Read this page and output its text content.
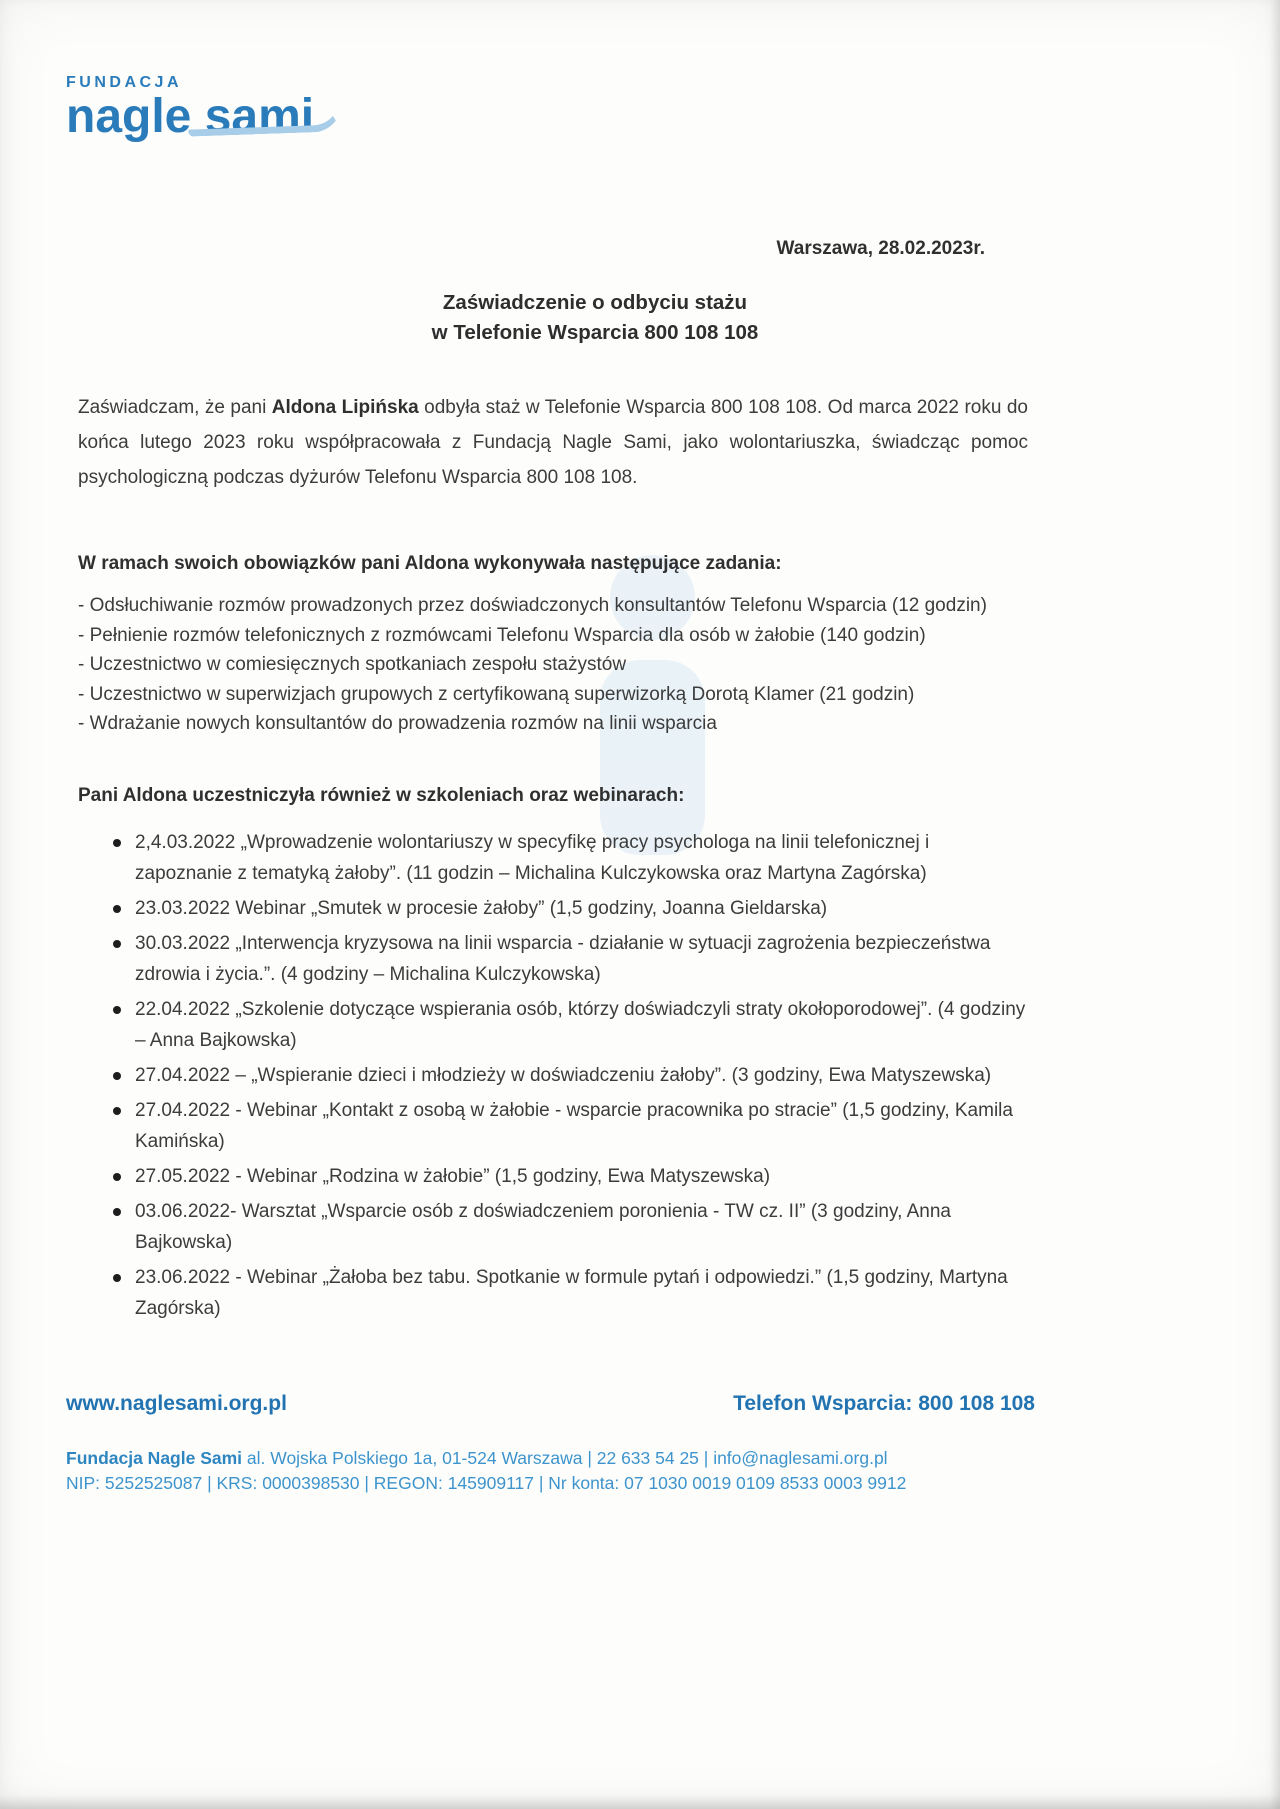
FUNDACJA
nagle sami
Warszawa, 28.02.2023r.
Zaświadczenie o odbyciu stażu
w Telefonie Wsparcia 800 108 108

Zaświadczam, że pani Aldona Lipińska odbyła staż w Telefonie Wsparcia 800 108 108. Od marca 2022 roku do końca lutego 2023 roku współpracowała z Fundacją Nagle Sami, jako wolontariuszka, świadcząc pomoc psychologiczną podczas dyżurów Telefonu Wsparcia 800 108 108.

W ramach swoich obowiązków pani Aldona wykonywała następujące zadania:

- Odsłuchiwanie rozmów prowadzonych przez doświadczonych konsultantów Telefonu Wsparcia (12 godzin)
- Pełnienie rozmów telefonicznych z rozmówcami Telefonu Wsparcia dla osób w żałobie (140 godzin)
- Uczestnictwo w comiesięcznych spotkaniach zespołu stażystów
- Uczestnictwo w superwizjach grupowych z certyfikowaną superwizorką Dorotą Klamer (21 godzin)
- Wdrażanie nowych konsultantów do prowadzenia rozmów na linii wsparcia

Pani Aldona uczestniczyła również w szkoleniach oraz webinarach:

2,4.03.2022 „Wprowadzenie wolontariuszy w specyfikę pracy psychologa na linii telefonicznej i zapoznanie z tematyką żałoby”. (11 godzin – Michalina Kulczykowska oraz Martyna Zagórska)
23.03.2022 Webinar „Smutek w procesie żałoby” (1,5 godziny, Joanna Gieldarska)
30.03.2022 „Interwencja kryzysowa na linii wsparcia - działanie w sytuacji zagrożenia bezpieczeństwa zdrowia i życia.”. (4 godziny – Michalina Kulczykowska)
22.04.2022 „Szkolenie dotyczące wspierania osób, którzy doświadczyli straty okołoporodowej”. (4 godziny – Anna Bajkowska)
27.04.2022 – „Wspieranie dzieci i młodzieży w doświadczeniu żałoby”. (3 godziny, Ewa Matyszewska)
27.04.2022 - Webinar „Kontakt z osobą w żałobie - wsparcie pracownika po stracie” (1,5 godziny, Kamila Kamińska)
27.05.2022 - Webinar „Rodzina w żałobie” (1,5 godziny, Ewa Matyszewska)
03.06.2022- Warsztat „Wsparcie osób z doświadczeniem poronienia - TW cz. II” (3 godziny, Anna Bajkowska)
23.06.2022 - Webinar „Żałoba bez tabu. Spotkanie w formule pytań i odpowiedzi.” (1,5 godziny, Martyna Zagórska)
www.naglesami.org.pl	Telefon Wsparcia: 800 108 108
Fundacja Nagle Sami al. Wojska Polskiego 1a, 01-524 Warszawa | 22 633 54 25 | info@naglesami.org.pl
NIP: 5252525087 | KRS: 0000398530 | REGON: 145909117 | Nr konta: 07 1030 0019 0109 8533 0003 9912
